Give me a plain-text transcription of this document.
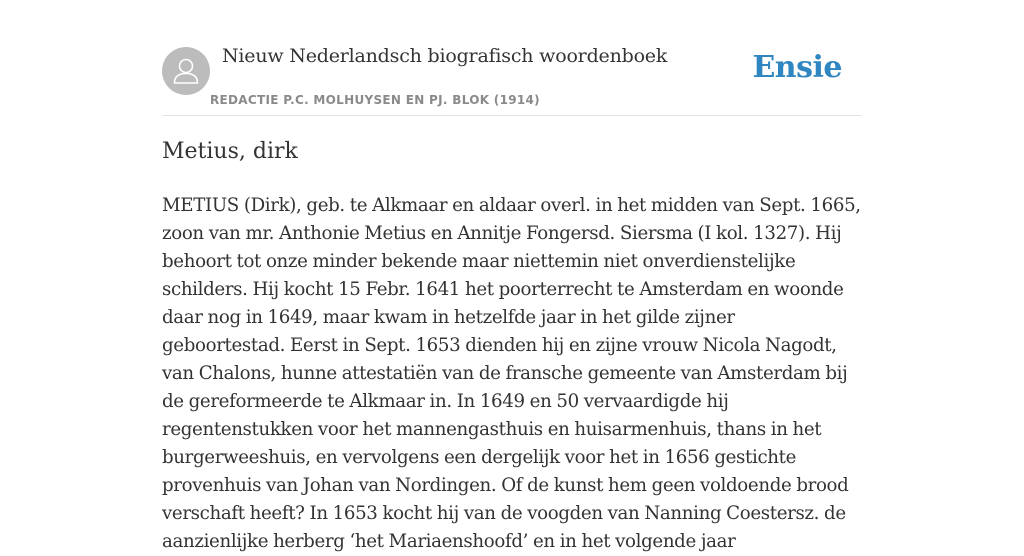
Nieuw Nederlandsch biografisch woordenboek
REDACTIE P.C. MOLHUYSEN EN PJ. BLOK (1914)
Ensie
Metius, dirk

METIUS (Dirk), geb. te Alkmaar en aldaar overl. in het midden van Sept. 1665, zoon van mr. Anthonie Metius en Annitje Fongersd. Siersma (I kol. 1327). Hij behoort tot onze minder bekende maar niettemin niet onverdienstelijke schilders. Hij kocht 15 Febr. 1641 het poorterrecht te Amsterdam en woonde daar nog in 1649, maar kwam in hetzelfde jaar in het gilde zijner geboortestad. Eerst in Sept. 1653 dienden hij en zijne vrouw Nicola Nagodt, van Chalons, hunne attestatiën van de fransche gemeente van Amsterdam bij de gereformeerde te Alkmaar in. In 1649 en 50 vervaardigde hij regentenstukken voor het mannengasthuis en huisarmenhuis, thans in het burgerweeshuis, en vervolgens een dergelijk voor het in 1656 gestichte provenhuis van Johan van Nordingen. Of de kunst hem geen voldoende brood verschaft heeft? In 1653 kocht hij van de voogden van Nanning Coestersz. de aanzienlijke herberg ‘het Mariaenshoofd’ en in het volgende jaar
